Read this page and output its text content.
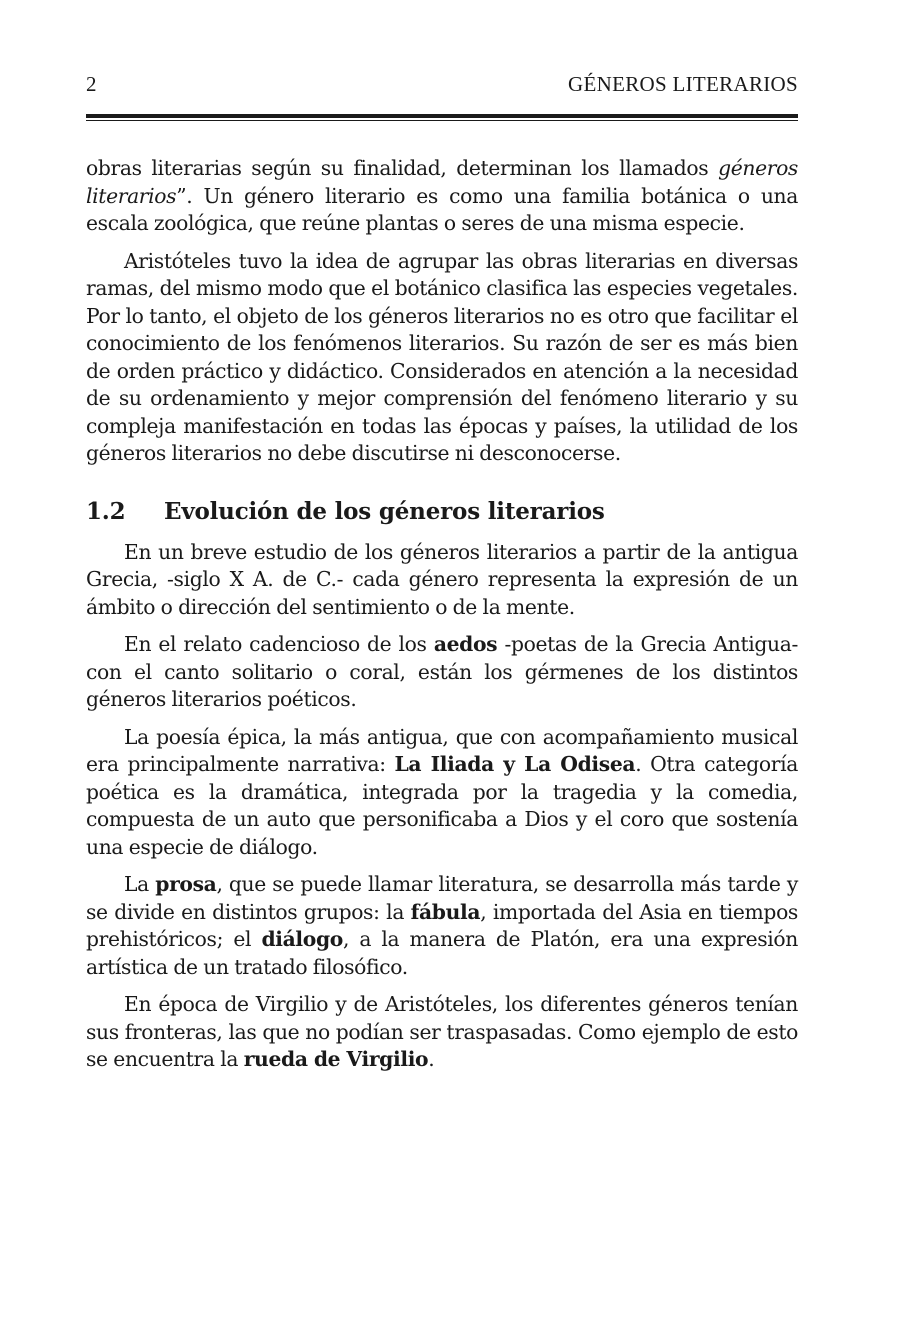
2	GÉNEROS LITERARIOS

obras literarias según su finalidad, determinan los llamados géneros literarios”. Un género literario es como una familia botánica o una escala zoológica, que reúne plantas o seres de una misma especie.

Aristóteles tuvo la idea de agrupar las obras literarias en diversas ramas, del mismo modo que el botánico clasifica las especies vegetales. Por lo tanto, el objeto de los géneros literarios no es otro que facilitar el conocimiento de los fenómenos literarios. Su razón de ser es más bien de orden práctico y didáctico. Considerados en atención a la necesidad de su ordenamiento y mejor comprensión del fenómeno literario y su compleja manifestación en todas las épocas y países, la utilidad de los géneros literarios no debe discutirse ni desconocerse.

1.2	Evolución de los géneros literarios

En un breve estudio de los géneros literarios a partir de la antigua Grecia, -siglo X A. de C.- cada género representa la expresión de un ámbito o dirección del sentimiento o de la mente.

En el relato cadencioso de los aedos -poetas de la Grecia Antigua- con el canto solitario o coral, están los gérmenes de los distintos géneros literarios poéticos.

La poesía épica, la más antigua, que con acompañamiento musical era principalmente narrativa: La Iliada y La Odisea. Otra categoría poética es la dramática, integrada por la tragedia y la comedia, compuesta de un auto que personificaba a Dios y el coro que sostenía una especie de diálogo.

La prosa, que se puede llamar literatura, se desarrolla más tarde y se divide en distintos grupos: la fábula, importada del Asia en tiempos prehistóricos; el diálogo, a la manera de Platón, era una expresión artística de un tratado filosófico.

En época de Virgilio y de Aristóteles, los diferentes géneros tenían sus fronteras, las que no podían ser traspasadas. Como ejemplo de esto se encuentra la rueda de Virgilio.
